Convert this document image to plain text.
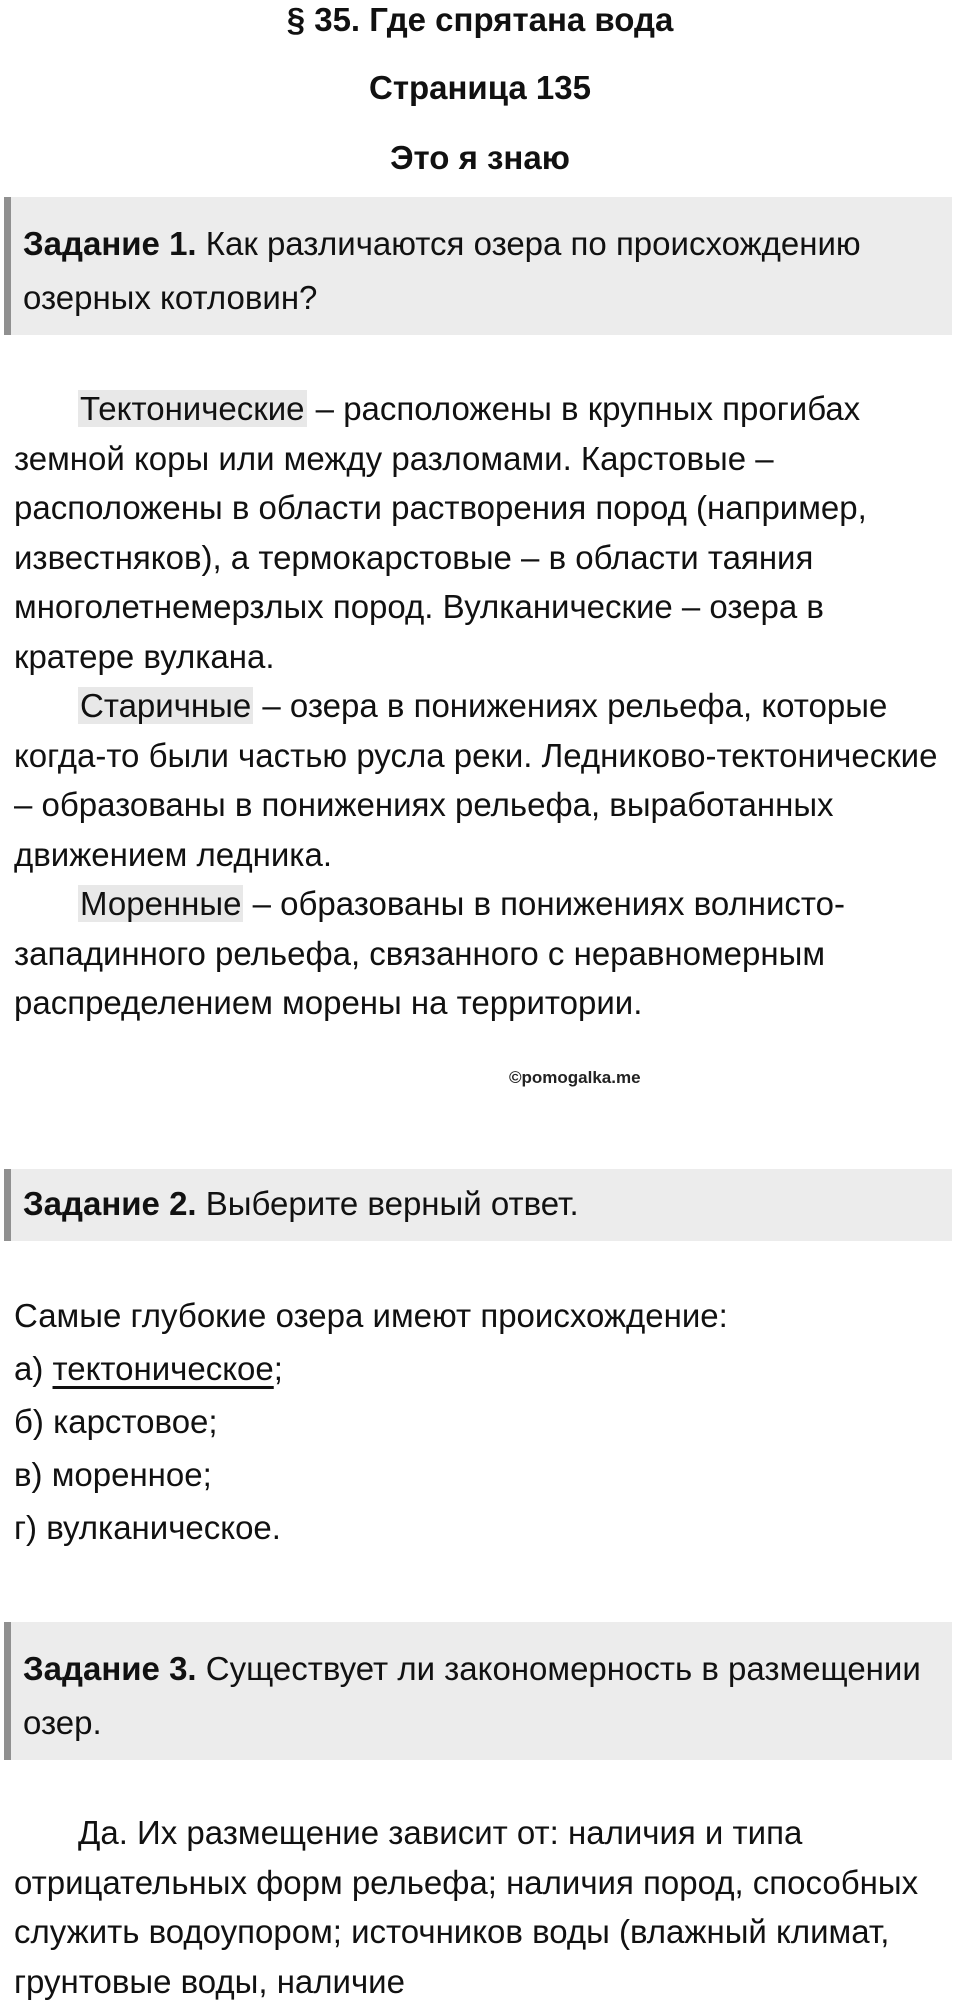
§ 35. Где спрятана вода
Страница 135
Это я знаю
Задание 1. Как различаются озера по происхождению озерных котловин?

Тектонические – расположены в крупных прогибах земной коры или между разломами. Карстовые – расположены в области растворения пород (например, известняков), а термокарстовые – в области таяния многолетнемерзлых пород. Вулканические – озера в кратере вулкана.

Старичные – озера в понижениях рельефа, которые когда-то были частью русла реки. Ледниково-тектонические – образованы в понижениях рельефа, выработанных движением ледника.

Моренные – образованы в понижениях волнисто-западинного рельефа, связанного с неравномерным распределением морены на территории.

©pomogalka.me
Задание 2. Выберите верный ответ.

Самые глубокие озера имеют происхождение:

а) тектоническое;

б) карстовое;

в) моренное;

г) вулканическое.

Задание 3. Существует ли закономерность в размещении озер.

Да. Их размещение зависит от: наличия и типа отрицательных форм рельефа; наличия пород, способных служить водоупором; источников воды (влажный климат, грунтовые воды, наличие
